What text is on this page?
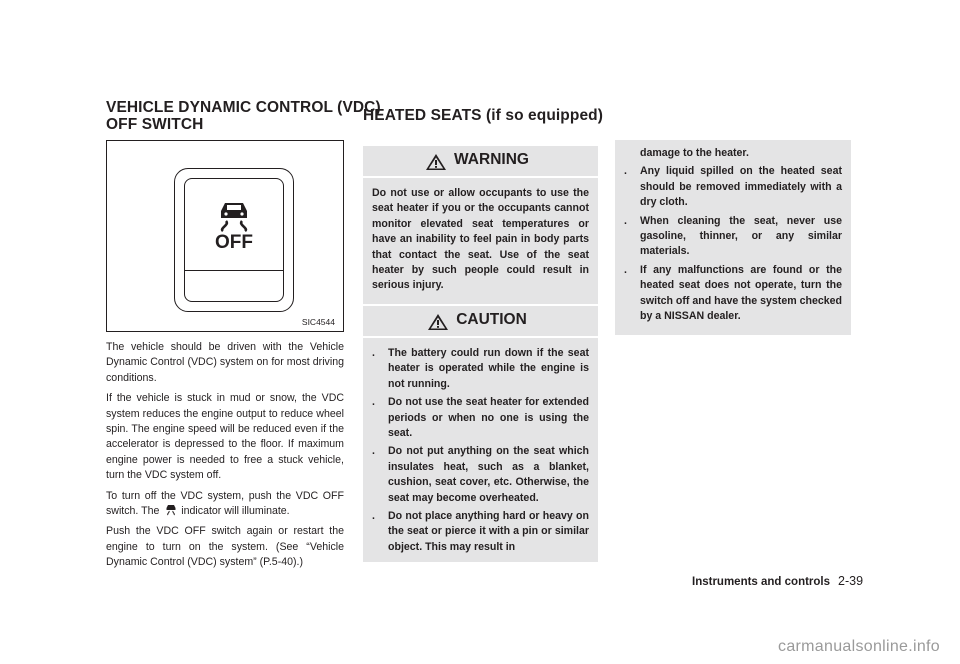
VEHICLE DYNAMIC CONTROL (VDC)
OFF SWITCH
OFF
SIC4544

The vehicle should be driven with the Vehicle Dynamic Control (VDC) system on for most driving conditions.

If the vehicle is stuck in mud or snow, the VDC system reduces the engine output to reduce wheel spin. The engine speed will be reduced even if the accelerator is depressed to the floor. If maximum engine power is needed to free a stuck vehicle, turn the VDC system off.

To turn off the VDC system, push the VDC OFF switch. The indicator will illuminate.

Push the VDC OFF switch again or restart the engine to turn on the system. (See “Vehicle Dynamic Control (VDC) system” (P.5-40).)

HEATED SEATS (if so equipped)
WARNING
Do not use or allow occupants to use the seat heater if you or the occupants cannot monitor elevated seat temperatures or have an inability to feel pain in body parts that contact the seat. Use of the seat heater by such people could result in serious injury.
CAUTION
.	The battery could run down if the seat heater is operated while the engine is not running.
.	Do not use the seat heater for extended periods or when no one is using the seat.
.	Do not put anything on the seat which insulates heat, such as a blanket, cushion, seat cover, etc. Otherwise, the seat may become overheated.
.	Do not place anything hard or heavy on the seat or pierce it with a pin or similar object. This may result in
damage to the heater.
.	Any liquid spilled on the heated seat should be removed immediately with a dry cloth.
.	When cleaning the seat, never use gasoline, thinner, or any similar materials.
.	If any malfunctions are found or the heated seat does not operate, turn the switch off and have the system checked by a NISSAN dealer.
Instruments and controls 2-39
carmanualsonline.info
